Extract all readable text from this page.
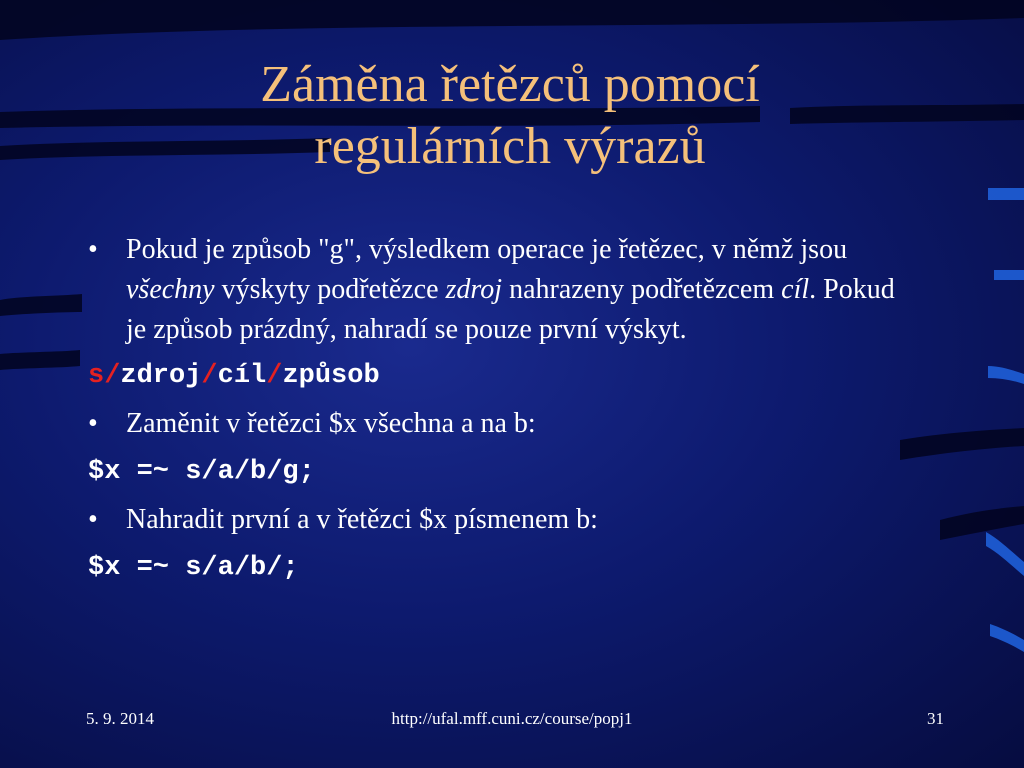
Záměna řetězců pomocí
regulárních výrazů
• Pokud je způsob "g", výsledkem operace je řetězec, v němž jsou všechny výskyty podřetězce zdroj nahrazeny podřetězcem cíl. Pokud je způsob prázdný, nahradí se pouze první výskyt.
s/zdroj/cíl/způsob
• Zaměnit v řetězci $x všechna a na b:
$x =~ s/a/b/g;
• Nahradit první a v řetězci $x písmenem b:
$x =~ s/a/b/;
5. 9. 2014	http://ufal.mff.cuni.cz/course/popj1	31
